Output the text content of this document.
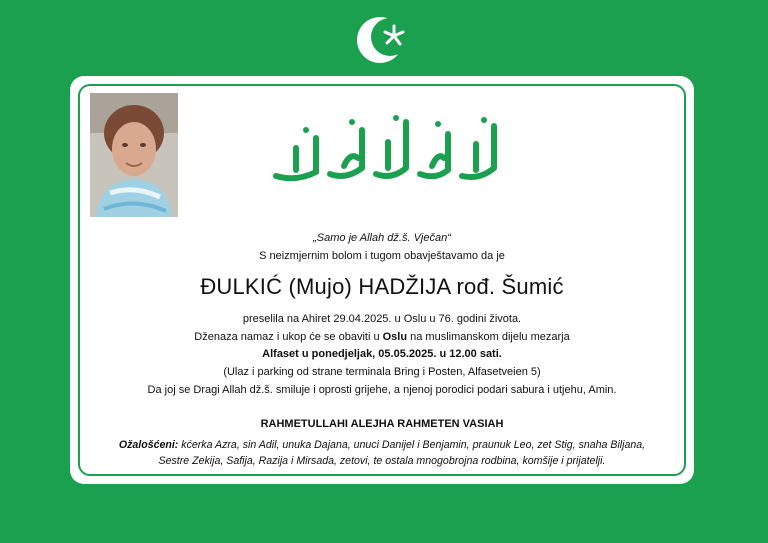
„Samo je Allah dž.š. Vječan“
S neizmjernim bolom i tugom obavještavamo da je
ĐULKIĆ (Mujo) HADŽIJA rođ. Šumić
preselila na Ahiret 29.04.2025. u Oslu u 76. godini života.
Dženaza namaz i ukop će se obaviti u Oslu na muslimanskom dijelu mezarja
Alfaset u ponedjeljak, 05.05.2025. u 12.00 sati.
(Ulaz i parking od strane terminala Bring i Posten, Alfasetveien 5)
Da joj se Dragi Allah dž.š. smiluje i oprosti grijehe, a njenoj porodici podari sabura i utjehu, Amin.
RAHMETULLAHI ALEJHA RAHMETEN VASIAH
Ožalošćeni: kćerka Azra, sin Adil, unuka Dajana, unuci Danijel i Benjamin, praunuk Leo, zet Stig, snaha Biljana, Sestre Zekija, Safija, Razija i Mirsada, zetovi, te ostala mnogobrojna rodbina, komšije i prijatelji.
